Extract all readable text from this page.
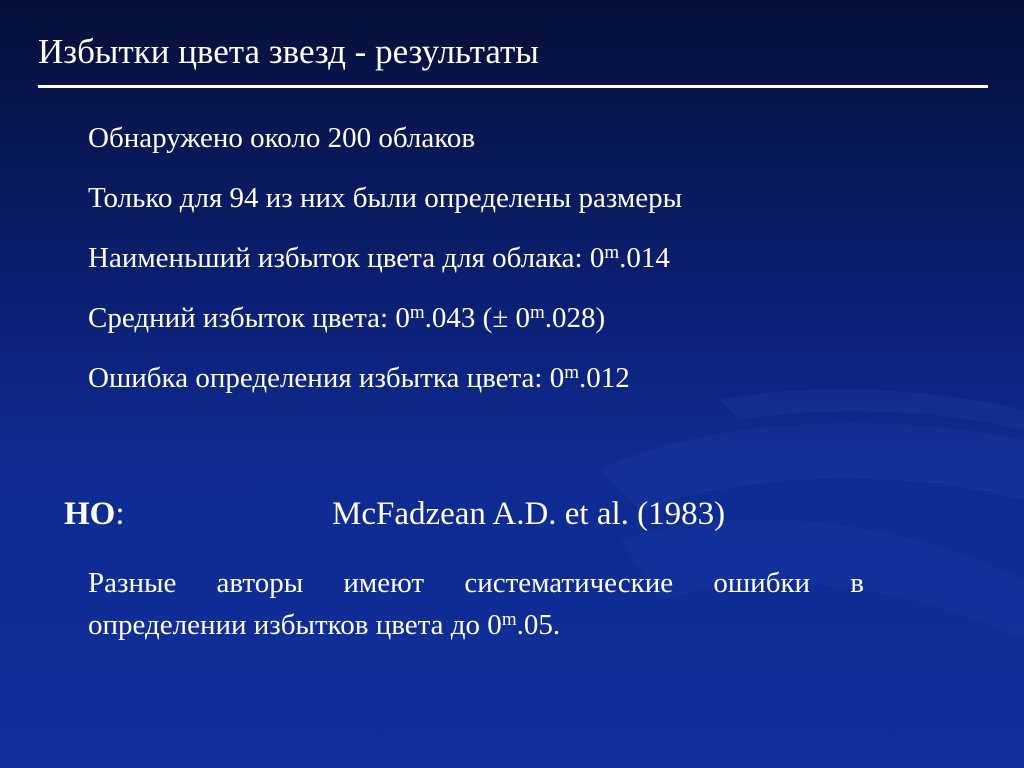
Избытки цвета звезд - результаты
Обнаружено около 200 облаков
Только для 94 из них были определены размеры
Наименьший избыток цвета для облака: 0$^m$.014
Средний избыток цвета: 0$^m$.043 (± $0^m.028$)
Ошибка определения избытка цвета: 0$^m$.012
НО:	McFadzean A.D. et al. (1983)
Разные авторы имеют систематические ошибки в определении избытков цвета до 0$^m$.05.
